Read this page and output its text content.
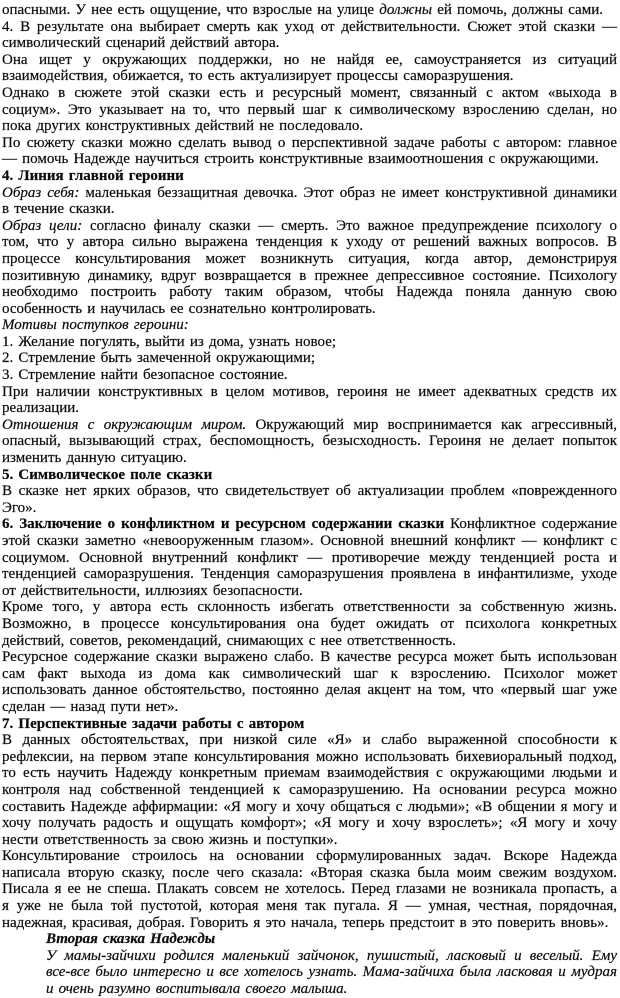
опасными. У нее есть ощущение, что взрослые на улице должны ей помочь, должны сами.

4. В результате она выбирает смерть как уход от действительности. Сюжет этой сказки — символический сценарий действий автора.

Она ищет у окружающих поддержки, но не найдя ее, самоустраняется из ситуаций взаимодействия, обижается, то есть актуализирует процессы саморазрушения.

Однако в сюжете этой сказки есть и ресурсный момент, связанный с актом «выхода в социум». Это указывает на то, что первый шаг к символическому взрослению сделан, но пока других конструктивных действий не последовало.

По сюжету сказки можно сделать вывод о перспективной задаче работы с автором: главное — помочь Надежде научиться строить конструктивные взаимоотношения с окружающими.

4. Линия главной героини

Образ себя: маленькая беззащитная девочка. Этот образ не имеет конструктивной динамики в течение сказки.

Образ цели: согласно финалу сказки — смерть. Это важное предупреждение психологу о том, что у автора сильно выражена тенденция к уходу от решений важных вопросов. В процессе консультирования может возникнуть ситуация, когда автор, демонстрируя позитивную динамику, вдруг возвращается в прежнее депрессивное состояние. Психологу необходимо построить работу таким образом, чтобы Надежда поняла данную свою особенность и научилась ее сознательно контролировать.

Мотивы поступков героини:

1. Желание погулять, выйти из дома, узнать новое;

2. Стремление быть замеченной окружающими;

3. Стремление найти безопасное состояние.

При наличии конструктивных в целом мотивов, героиня не имеет адекватных средств их реализации.

Отношения с окружающим миром. Окружающий мир воспринимается как агрессивный, опасный, вызывающий страх, беспомощность, безысходность. Героиня не делает попыток изменить данную ситуацию.

5. Символическое поле сказки

В сказке нет ярких образов, что свидетельствует об актуализации проблем «поврежденного Эго».

6. Заключение о конфликтном и ресурсном содержании сказки Конфликтное содержание этой сказки заметно «невооруженным глазом». Основной внешний конфликт — конфликт с социумом. Основной внутренний конфликт — противоречие между тенденцией роста и тенденцией саморазрушения. Тенденция саморазрушения проявлена в инфантилизме, уходе от действительности, иллюзиях безопасности.

Кроме того, у автора есть склонность избегать ответственности за собственную жизнь. Возможно, в процессе консультирования она будет ожидать от психолога конкретных действий, советов, рекомендаций, снимающих с нее ответственность.

Ресурсное содержание сказки выражено слабо. В качестве ресурса может быть использован сам факт выхода из дома как символический шаг к взрослению. Психолог может использовать данное обстоятельство, постоянно делая акцент на том, что «первый шаг уже сделан — назад пути нет».

7. Перспективные задачи работы с автором

В данных обстоятельствах, при низкой силе «Я» и слабо выраженной способности к рефлексии, на первом этапе консультирования можно использовать бихевиоральный подход, то есть научить Надежду конкретным приемам взаимодействия с окружающими людьми и контроля над собственной тенденцией к саморазрушению. На основании ресурса можно составить Надежде аффирмации: «Я могу и хочу общаться с людьми»; «В общении я могу и хочу получать радость и ощущать комфорт»; «Я могу и хочу взрослеть»; «Я могу и хочу нести ответственность за свою жизнь и поступки».

Консультирование строилось на основании сформулированных задач. Вскоре Надежда написала вторую сказку, после чего сказала: «Вторая сказка была моим свежим воздухом. Писала я ее не спеша. Плакать совсем не хотелось. Перед глазами не возникала пропасть, а я уже не была той пустотой, которая меня так пугала. Я — умная, честная, порядочная, надежная, красивая, добрая. Говорить я это начала, теперь предстоит в это поверить вновь».

Вторая сказка Надежды

У мамы-зайчихи родился маленький зайчонок, пушистый, ласковый и веселый. Ему все-все было интересно и все хотелось узнать. Мама-зайчиха была ласковая и мудрая и очень разумно воспитывала своего малыша.
